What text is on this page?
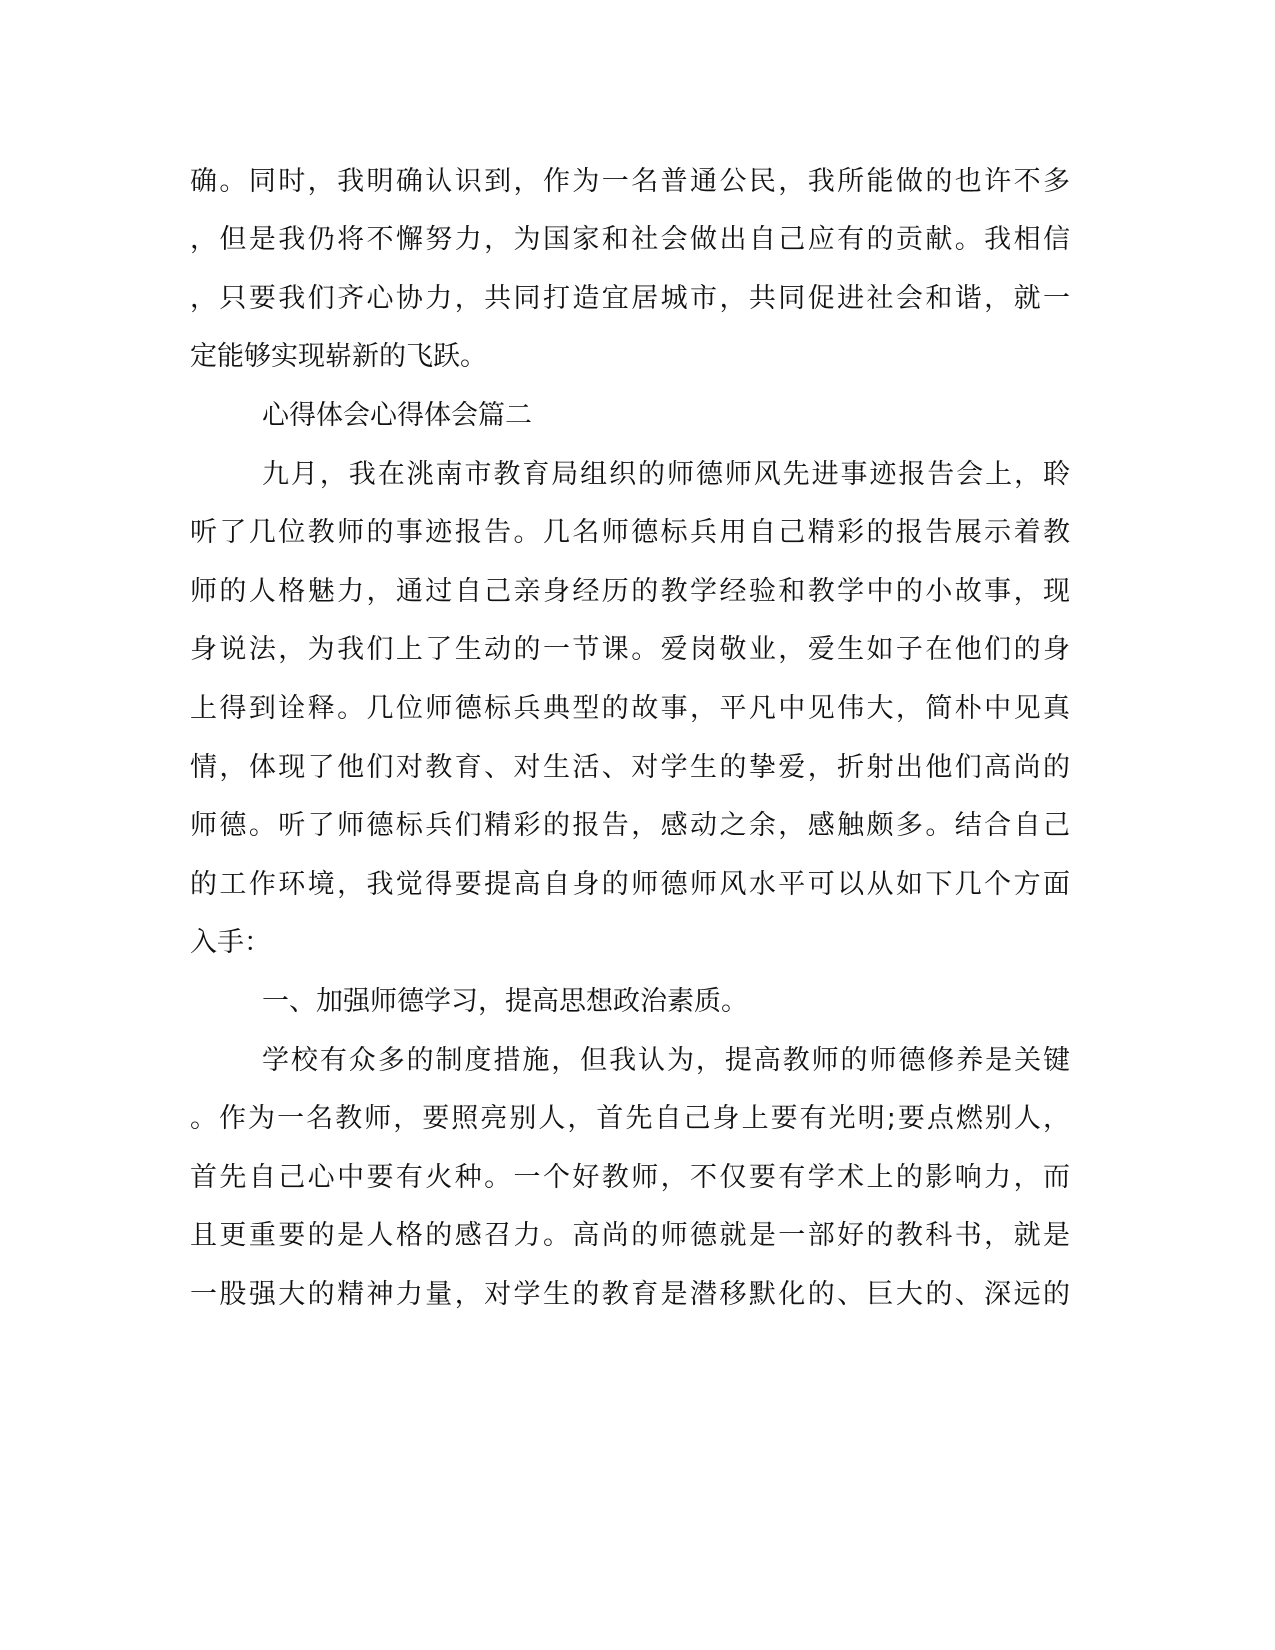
确。同时，我明确认识到，作为一名普通公民，我所能做的也许不多
，但是我仍将不懈努力，为国家和社会做出自己应有的贡献。我相信
，只要我们齐心协力，共同打造宜居城市，共同促进社会和谐，就一
定能够实现崭新的飞跃。
心得体会心得体会篇二
九月，我在洮南市教育局组织的师德师风先进事迹报告会上，聆
听了几位教师的事迹报告。几名师德标兵用自己精彩的报告展示着教
师的人格魅力，通过自己亲身经历的教学经验和教学中的小故事，现
身说法，为我们上了生动的一节课。爱岗敬业，爱生如子在他们的身
上得到诠释。几位师德标兵典型的故事，平凡中见伟大，简朴中见真
情，体现了他们对教育、对生活、对学生的挚爱，折射出他们高尚的
师德。听了师德标兵们精彩的报告，感动之余，感触颇多。结合自己
的工作环境，我觉得要提高自身的师德师风水平可以从如下几个方面
入手：
一、加强师德学习，提高思想政治素质。
学校有众多的制度措施，但我认为，提高教师的师德修养是关键
。作为一名教师，要照亮别人，首先自己身上要有光明;要点燃别人，
首先自己心中要有火种。一个好教师，不仅要有学术上的影响力，而
且更重要的是人格的感召力。高尚的师德就是一部好的教科书，就是
一股强大的精神力量，对学生的教育是潜移默化的、巨大的、深远的
